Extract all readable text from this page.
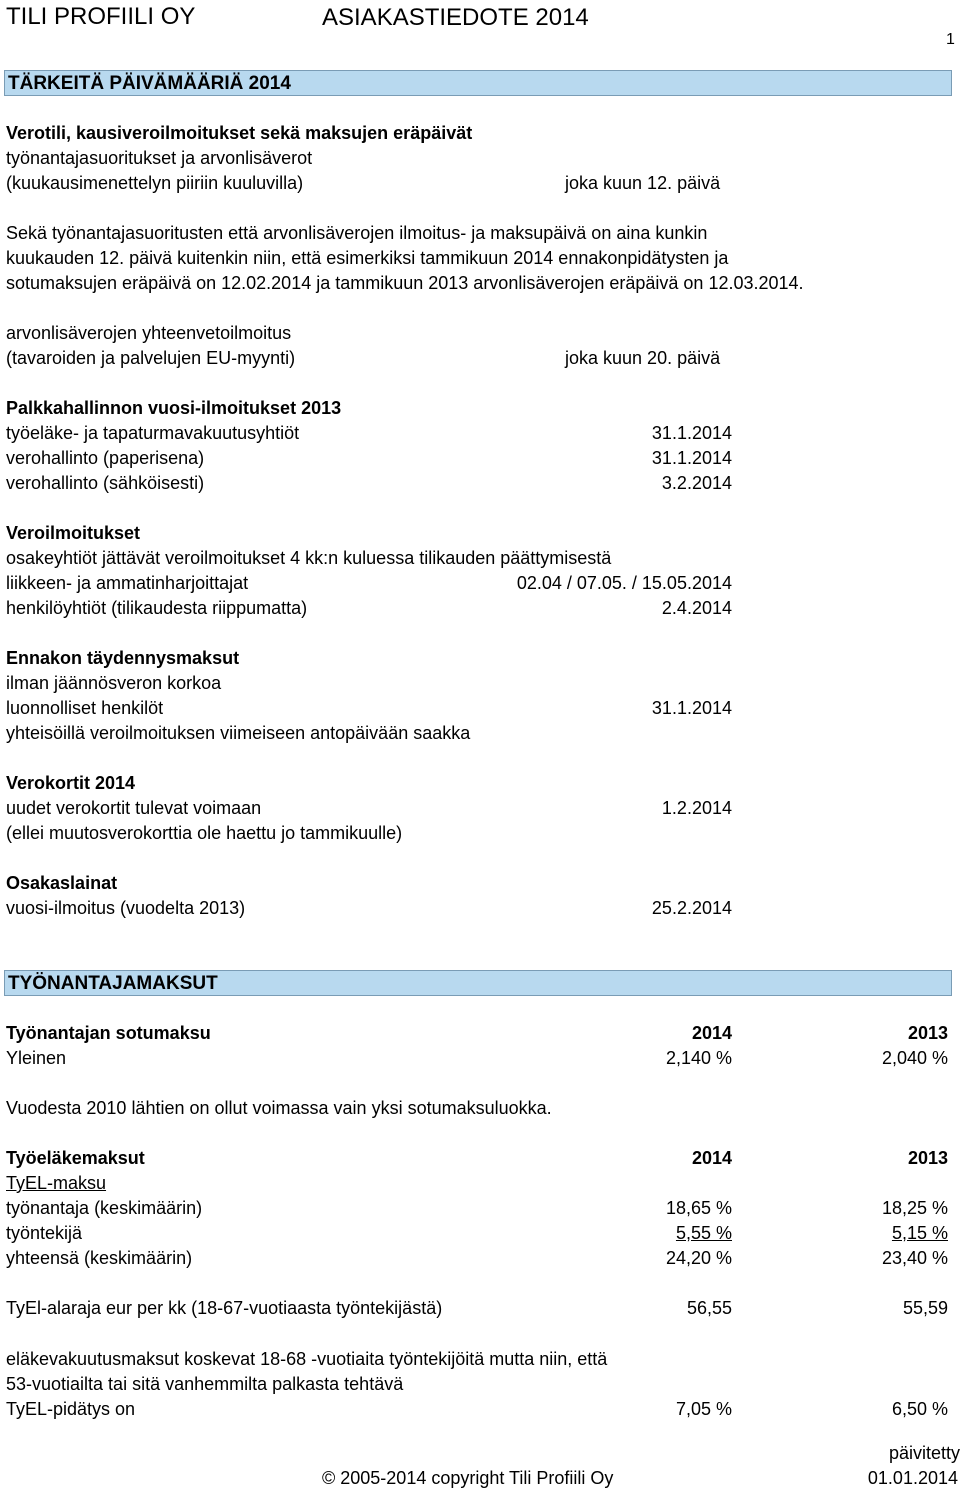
TILI PROFIILI OY	ASIAKASTIEDOTE 2014
1
TÄRKEITÄ PÄIVÄMÄÄRIÄ 2014
Verotili, kausiveroilmoitukset sekä maksujen eräpäivät
työnantajasuoritukset ja arvonlisäverot
(kuukausimenettelyn piiriin kuuluvilla)	joka kuun 12. päivä
Sekä työnantajasuoritusten että arvonlisäverojen ilmoitus- ja maksupäivä on aina kunkin
kuukauden 12. päivä kuitenkin niin, että esimerkiksi tammikuun 2014 ennakonpidätysten ja
sotumaksujen eräpäivä on 12.02.2014 ja tammikuun 2013 arvonlisäverojen eräpäivä on 12.03.2014.
arvonlisäverojen yhteenvetoilmoitus
(tavaroiden ja palvelujen EU-myynti)	joka kuun 20. päivä
Palkkahallinnon vuosi-ilmoitukset 2013
työeläke- ja tapaturmavakuutusyhtiöt	31.1.2014
verohallinto (paperisena)	31.1.2014
verohallinto (sähköisesti)	3.2.2014
Veroilmoitukset
osakeyhtiöt jättävät veroilmoitukset 4 kk:n kuluessa tilikauden päättymisestä
liikkeen- ja ammatinharjoittajat	02.04 / 07.05. / 15.05.2014
henkilöyhtiöt (tilikaudesta riippumatta)	2.4.2014
Ennakon täydennysmaksut
ilman jäännösveron korkoa
luonnolliset henkilöt	31.1.2014
yhteisöillä veroilmoituksen viimeiseen antopäivään saakka
Verokortit 2014
uudet verokortit tulevat voimaan	1.2.2014
(ellei muutosverokorttia ole haettu jo tammikuulle)
Osakaslainat
vuosi-ilmoitus (vuodelta 2013)	25.2.2014
TYÖNANTAJAMAKSUT
Työnantajan sotumaksu	2014	2013
Yleinen	2,140 %	2,040 %
Vuodesta 2010 lähtien on ollut voimassa vain yksi sotumaksuluokka.
Työeläkemaksut	2014	2013
TyEL-maksu
työnantaja (keskimäärin)	18,65 %	18,25 %
työntekijä	5,55 %	5,15 %
yhteensä (keskimäärin)	24,20 %	23,40 %
TyEl-alaraja eur per kk (18-67-vuotiaasta työntekijästä)	56,55	55,59
eläkevakuutusmaksut koskevat 18-68 -vuotiaita työntekijöitä mutta niin, että
53-vuotiailta tai sitä vanhemmilta palkasta tehtävä
TyEL-pidätys on	7,05 %	6,50 %
päivitetty
© 2005-2014 copyright Tili Profiili Oy	01.01.2014
